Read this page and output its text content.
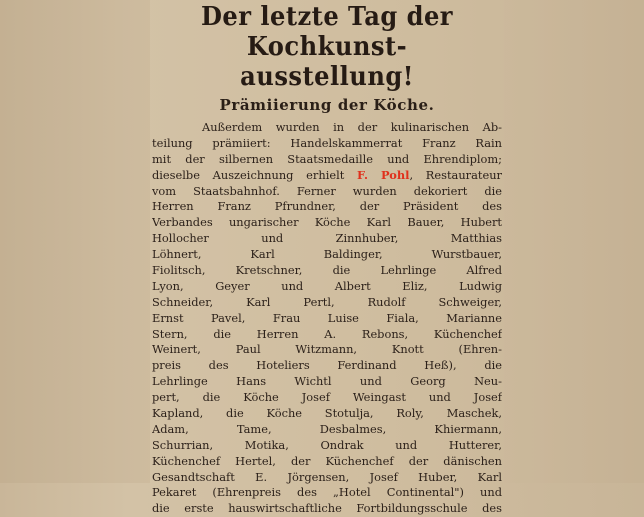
Der letzte Tag der Kochkunst-ausstellung!
Prämiierung der Köche.
Außerdem wurden in der kulinarischen Ab-
teilung prämiiert: Handelskammerrat Franz Rain
mit der silbernen Staatsmedaille und Ehrendiplom;
dieselbe Auszeichnung erhielt F. Pohl, Restaurateur
vom Staatsbahnhof. Ferner wurden dekoriert die
Herren Franz Pfrundner, der Präsident des
Verbandes ungarischer Köche Karl Bauer, Hubert
Hollocher und Zinnhuber, Matthias
Löhnert, Karl Baldinger, Wurstbauer,
Fiolitsch, Kretschner, die Lehrlinge Alfred
Lyon, Geyer und Albert Eliz, Ludwig
Schneider, Karl Pertl, Rudolf Schweiger,
Ernst Pavel, Frau Luise Fiala, Marianne
Stern, die Herren A. Rebons, Küchenchef
Weinert, Paul Witzmann, Knott (Ehren-
preis des Hoteliers Ferdinand Heß), die
Lehrlinge Hans Wichtl und Georg Neu-
pert, die Köche Josef Weingast und Josef
Kapland, die Köche Stotulja, Roly, Maschek,
Adam, Tame, Desbalmes, Khiermann,
Schurrian, Motika, Ondrak und Hutterer,
Küchenchef Hertel, der Küchenchef der dänischen
Gesandtschaft E. Jörgensen, Josef Huber, Karl
Pekaret (Ehrenpreis des „Hotel Continental") und
die erste hauswirtschaftliche Fortbildungsschule des
